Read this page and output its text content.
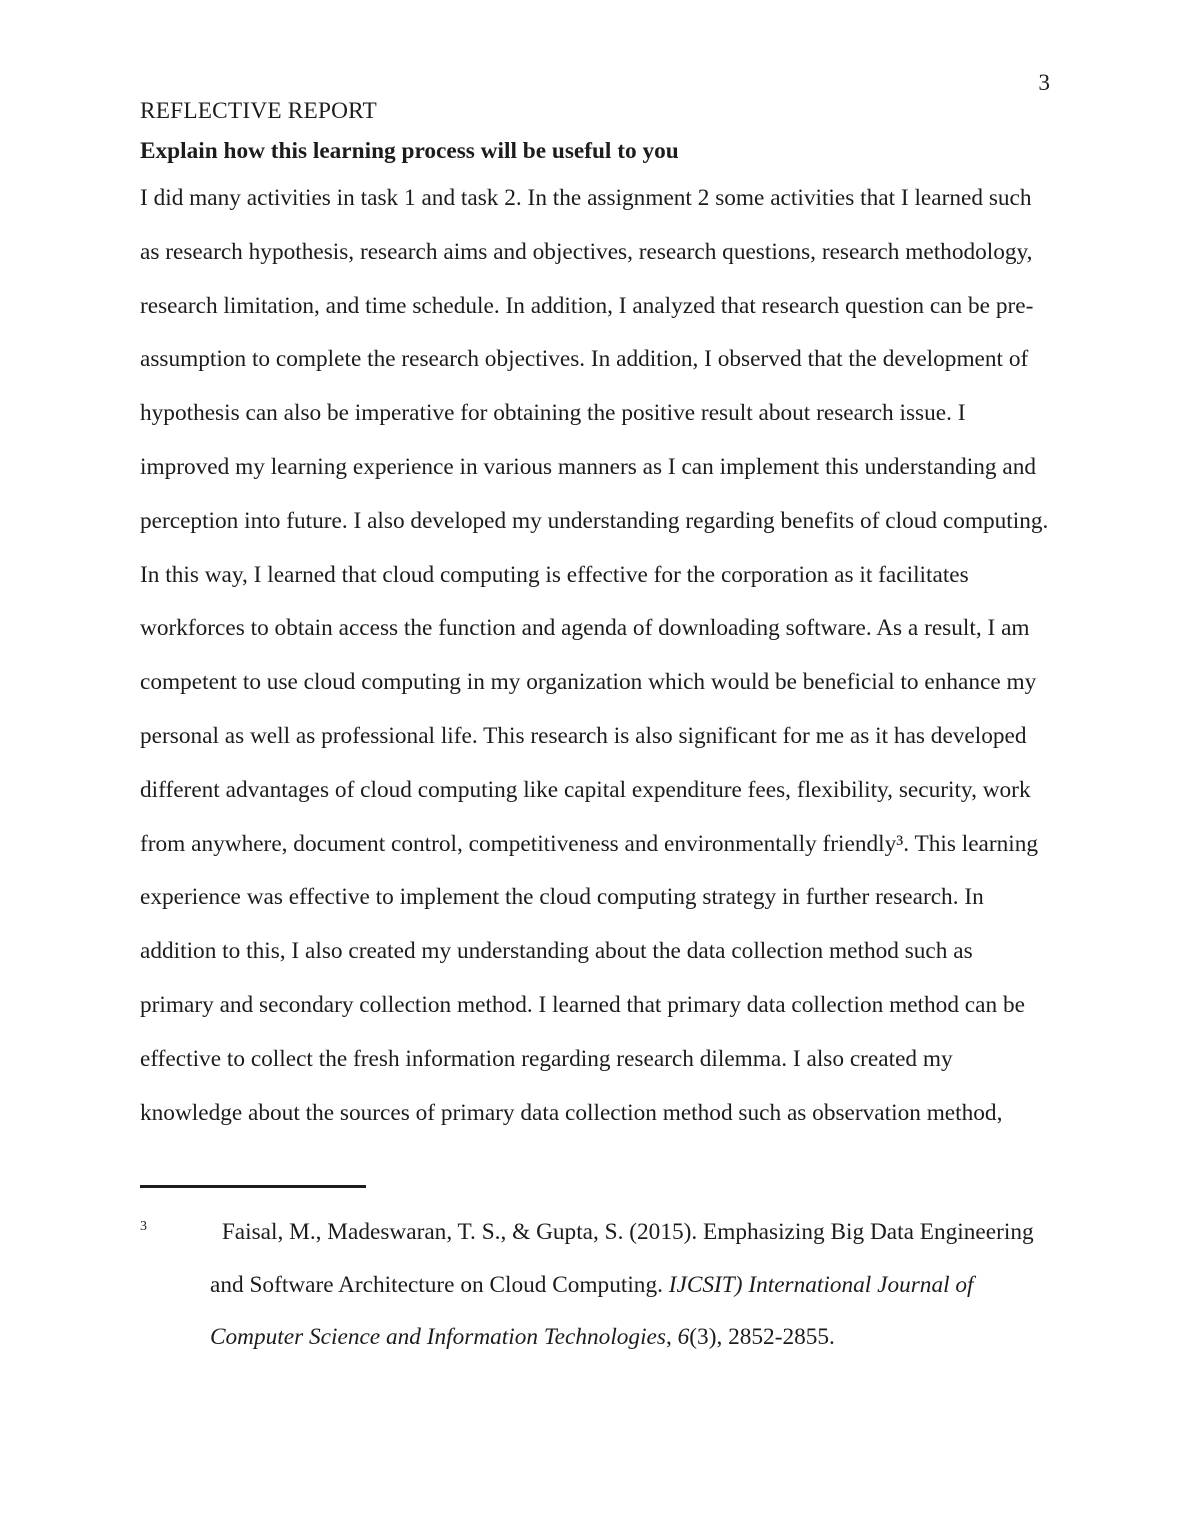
3
REFLECTIVE REPORT
Explain how this learning process will be useful to you
I did many activities in task 1 and task 2. In the assignment 2 some activities that I learned such
as research hypothesis, research aims and objectives, research questions, research methodology,
research limitation, and time schedule. In addition, I analyzed that research question can be pre-
assumption to complete the research objectives. In addition, I observed that the development of
hypothesis can also be imperative for obtaining the positive result about research issue. I
improved my learning experience in various manners as I can implement this understanding and
perception into future. I also developed my understanding regarding benefits of cloud computing.
In this way, I learned that cloud computing is effective for the corporation as it facilitates
workforces to obtain access the function and agenda of downloading software. As a result, I am
competent to use cloud computing in my organization which would be beneficial to enhance my
personal as well as professional life. This research is also significant for me as it has developed
different advantages of cloud computing like capital expenditure fees, flexibility, security, work
from anywhere, document control, competitiveness and environmentally friendly³. This learning
experience was effective to implement the cloud computing strategy in further research. In
addition to this, I also created my understanding about the data collection method such as
primary and secondary collection method. I learned that primary data collection method can be
effective to collect the fresh information regarding research dilemma. I also created my
knowledge about the sources of primary data collection method such as observation method,
3	Faisal, M., Madeswaran, T. S., & Gupta, S. (2015). Emphasizing Big Data Engineering
and Software Architecture on Cloud Computing. IJCSIT) International Journal of
Computer Science and Information Technologies, 6(3), 2852-2855.
